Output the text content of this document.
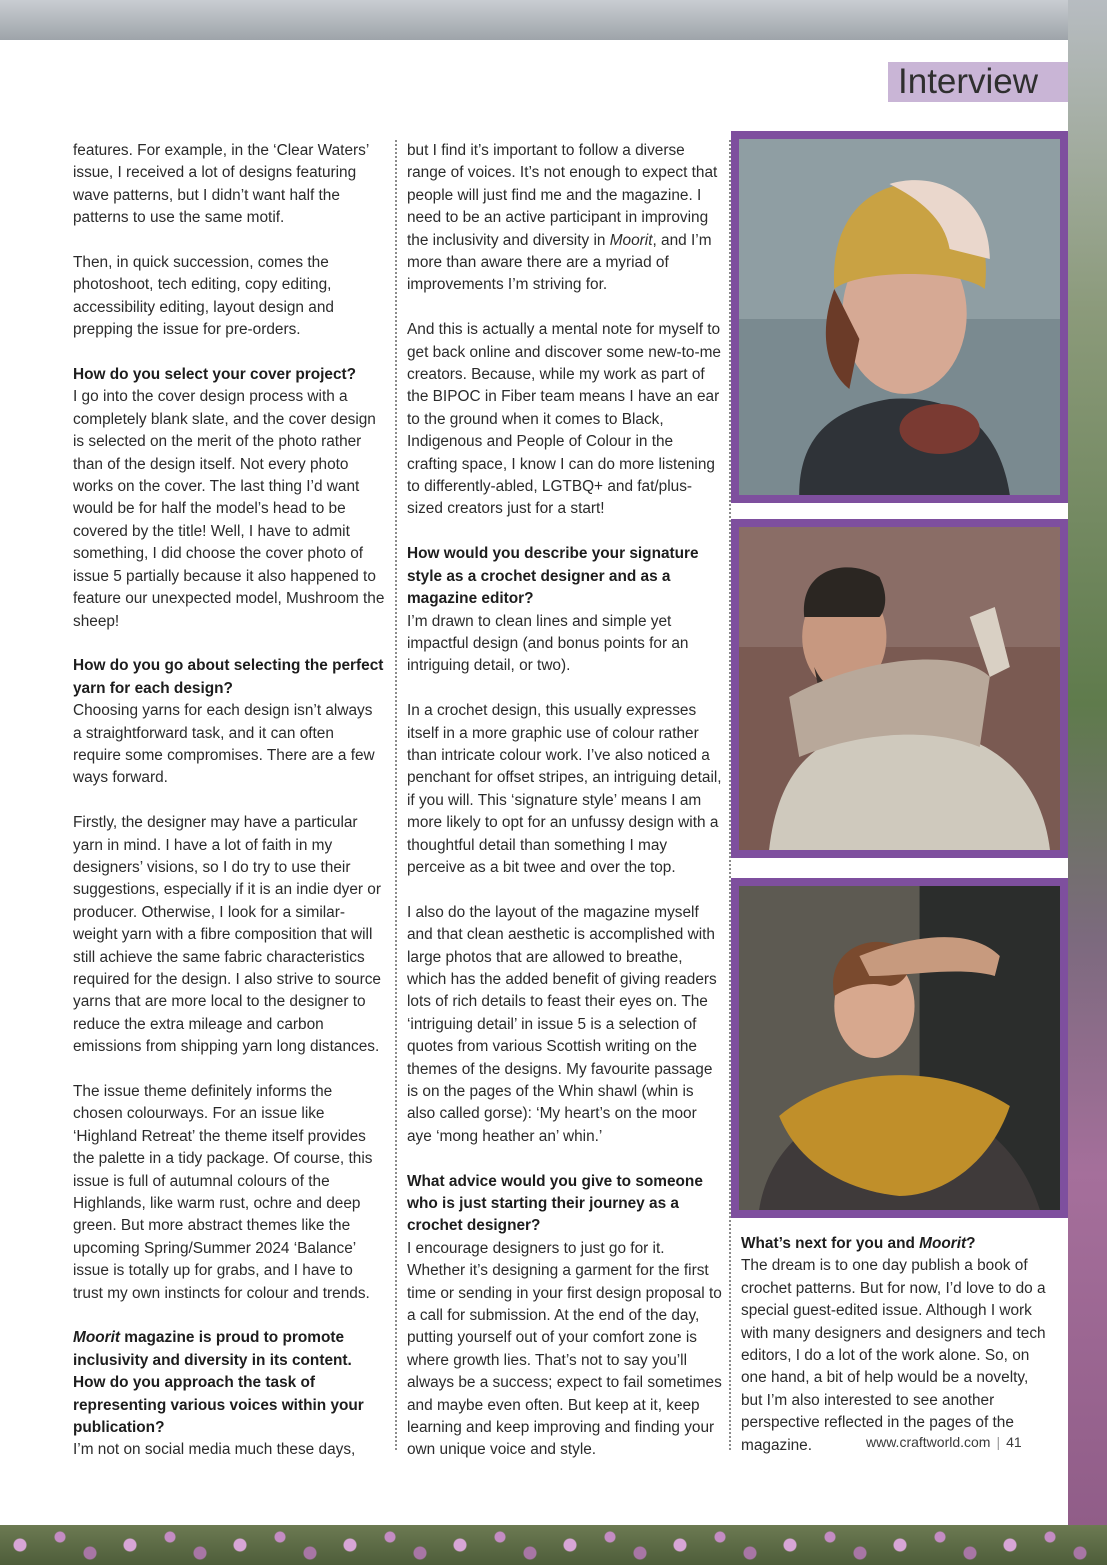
Interview

features. For example, in the ‘Clear Waters’ issue, I received a lot of designs featuring wave patterns, but I didn’t want half the patterns to use the same motif.

Then, in quick succession, comes the photoshoot, tech editing, copy editing, accessibility editing, layout design and prepping the issue for pre-orders.

How do you select your cover project?

I go into the cover design process with a completely blank slate, and the cover design is selected on the merit of the photo rather than of the design itself. Not every photo works on the cover. The last thing I’d want would be for half the model’s head to be covered by the title! Well, I have to admit something, I did choose the cover photo of issue 5 partially because it also happened to feature our unexpected model, Mushroom the sheep!

How do you go about selecting the perfect yarn for each design?

Choosing yarns for each design isn’t always a straightforward task, and it can often require some compromises. There are a few ways forward.

Firstly, the designer may have a particular yarn in mind. I have a lot of faith in my designers’ visions, so I do try to use their suggestions, especially if it is an indie dyer or producer. Otherwise, I look for a similar-weight yarn with a fibre composition that will still achieve the same fabric characteristics required for the design. I also strive to source yarns that are more local to the designer to reduce the extra mileage and carbon emissions from shipping yarn long distances.

The issue theme definitely informs the chosen colourways. For an issue like ‘Highland Retreat’ the theme itself provides the palette in a tidy package. Of course, this issue is full of autumnal colours of the Highlands, like warm rust, ochre and deep green. But more abstract themes like the upcoming Spring/Summer 2024 ‘Balance’ issue is totally up for grabs, and I have to trust my own instincts for colour and trends.

Moorit magazine is proud to promote inclusivity and diversity in its content. How do you approach the task of representing various voices within your publication?
I’m not on social media much these days,

but I find it’s important to follow a diverse range of voices. It’s not enough to expect that people will just find me and the magazine. I need to be an active participant in improving the inclusivity and diversity in Moorit, and I’m more than aware there are a myriad of improvements I’m striving for.

And this is actually a mental note for myself to get back online and discover some new-to-me creators. Because, while my work as part of the BIPOC in Fiber team means I have an ear to the ground when it comes to Black, Indigenous and People of Colour in the crafting space, I know I can do more listening to differently-abled, LGTBQ+ and fat/plus-sized creators just for a start!

How would you describe your signature style as a crochet designer and as a magazine editor?

I’m drawn to clean lines and simple yet impactful design (and bonus points for an intriguing detail, or two).

In a crochet design, this usually expresses itself in a more graphic use of colour rather than intricate colour work. I’ve also noticed a penchant for offset stripes, an intriguing detail, if you will. This ‘signature style’ means I am more likely to opt for an unfussy design with a thoughtful detail than something I may perceive as a bit twee and over the top.

I also do the layout of the magazine myself and that clean aesthetic is accomplished with large photos that are allowed to breathe, which has the added benefit of giving readers lots of rich details to feast their eyes on. The ‘intriguing detail’ in issue 5 is a selection of quotes from various Scottish writing on the themes of the designs. My favourite passage is on the pages of the Whin shawl (whin is also called gorse): ‘My heart’s on the moor aye ‘mong heather an’ whin.’

What advice would you give to someone who is just starting their journey as a crochet designer?
I encourage designers to just go for it. Whether it’s designing a garment for the first time or sending in your first design proposal to a call for submission. At the end of the day, putting yourself out of your comfort zone is where growth lies. That’s not to say you’ll always be a success; expect to fail sometimes and maybe even often. But keep at it, keep learning and keep improving and finding your own unique voice and style.
What’s next for you and Moorit?
The dream is to one day publish a book of crochet patterns. But for now, I’d love to do a special guest-edited issue. Although I work with many designers and designers and tech editors, I do a lot of the work alone. So, on one hand, a bit of help would be a novelty, but I’m also interested to see another perspective reflected in the pages of the magazine.	www.craftworld.com | 41
